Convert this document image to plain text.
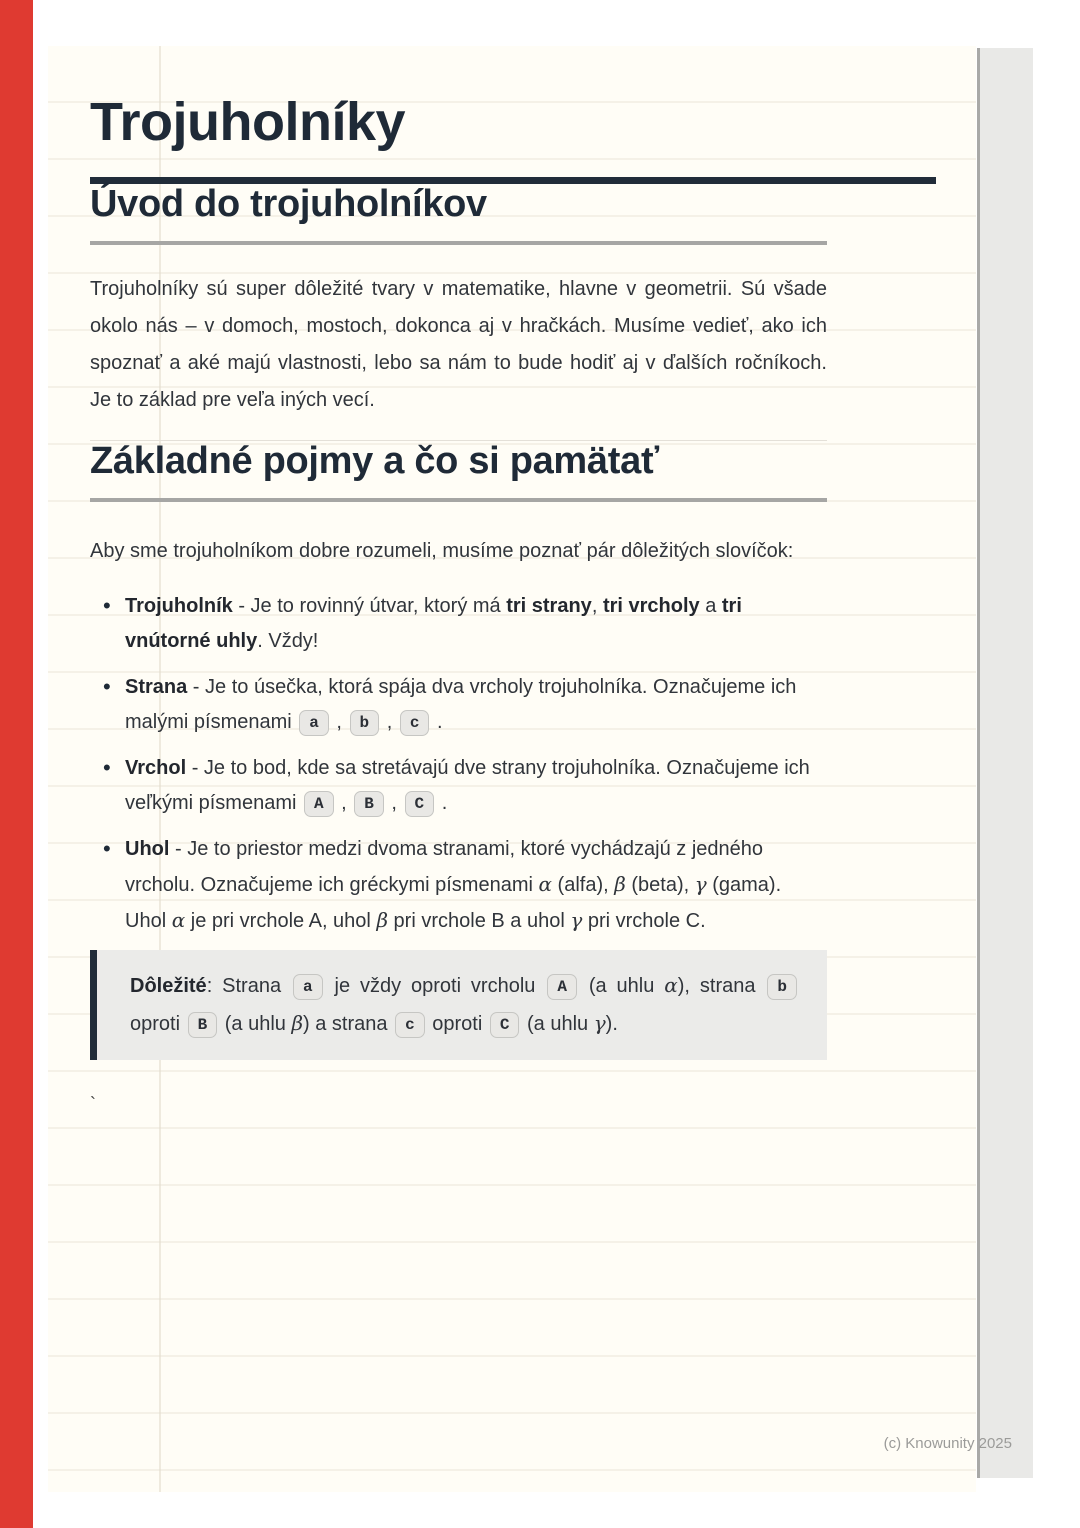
Trojuholníky
Úvod do trojuholníkov

Trojuholníky sú super dôležité tvary v matematike, hlavne v geometrii. Sú všade okolo nás – v domoch, mostoch, dokonca aj v hračkách. Musíme vedieť, ako ich spoznať a aké majú vlastnosti, lebo sa nám to bude hodiť aj v ďalších ročníkoch. Je to základ pre veľa iných vecí.

Základné pojmy a čo si pamätať

Aby sme trojuholníkom dobre rozumeli, musíme poznať pár dôležitých slovíčok:

• Trojuholník - Je to rovinný útvar, ktorý má tri strany, tri vrcholy a tri vnútorné uhly. Vždy!
• Strana - Je to úsečka, ktorá spája dva vrcholy trojuholníka. Označujeme ich malými písmenami a , b , c .
• Vrchol - Je to bod, kde sa stretávajú dve strany trojuholníka. Označujeme ich veľkými písmenami A , B , C .
• Uhol - Je to priestor medzi dvoma stranami, ktoré vychádzajú z jedného vrcholu. Označujeme ich gréckymi písmenami α (alfa), β (beta), γ (gama). Uhol α je pri vrchole A, uhol β pri vrchole B a uhol γ pri vrchole C.
Dôležité: Strana a je vždy oproti vrcholu A (a uhlu α), strana b oproti B (a uhlu β) a strana c oproti C (a uhlu γ).
`
(c) Knowunity 2025
